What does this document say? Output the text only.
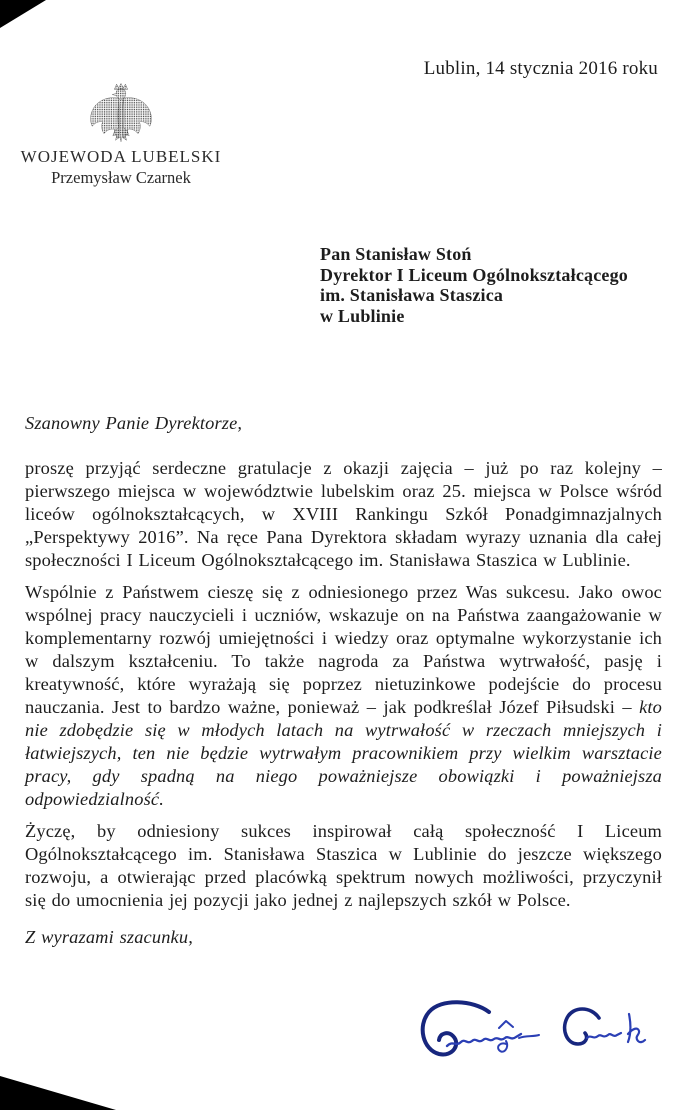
Lublin, 14 stycznia 2016 roku
WOJEWODA LUBELSKI
Przemysław Czarnek
Pan Stanisław Stoń
Dyrektor I Liceum Ogólnokształcącego
im. Stanisława Staszica
w Lublinie

Szanowny Panie Dyrektorze,

proszę przyjąć serdeczne gratulacje z okazji zajęcia – już po raz kolejny – pierwszego miejsca w województwie lubelskim oraz 25. miejsca w Polsce wśród liceów ogólnokształcących, w XVIII Rankingu Szkół Ponadgimnazjalnych „Perspektywy 2016”. Na ręce Pana Dyrektora składam wyrazy uznania dla całej społeczności I Liceum Ogólnokształcącego im. Stanisława Staszica w Lublinie.

Wspólnie z Państwem cieszę się z odniesionego przez Was sukcesu. Jako owoc wspólnej pracy nauczycieli i uczniów, wskazuje on na Państwa zaangażowanie w komplementarny rozwój umiejętności i wiedzy oraz optymalne wykorzystanie ich w dalszym kształceniu. To także nagroda za Państwa wytrwałość, pasję i kreatywność, które wyrażają się poprzez nietuzinkowe podejście do procesu nauczania. Jest to bardzo ważne, ponieważ – jak podkreślał Józef Piłsudski – kto nie zdobędzie się w młodych latach na wytrwałość w rzeczach mniejszych i łatwiejszych, ten nie będzie wytrwałym pracownikiem przy wielkim warsztacie pracy, gdy spadną na niego poważniejsze obowiązki i poważniejsza odpowiedzialność.

Życzę, by odniesiony sukces inspirował całą społeczność I Liceum Ogólnokształcącego im. Stanisława Staszica w Lublinie do jeszcze większego rozwoju, a otwierając przed placówką spektrum nowych możliwości, przyczynił się do umocnienia jej pozycji jako jednej z najlepszych szkół w Polsce.

Z wyrazami szacunku,
